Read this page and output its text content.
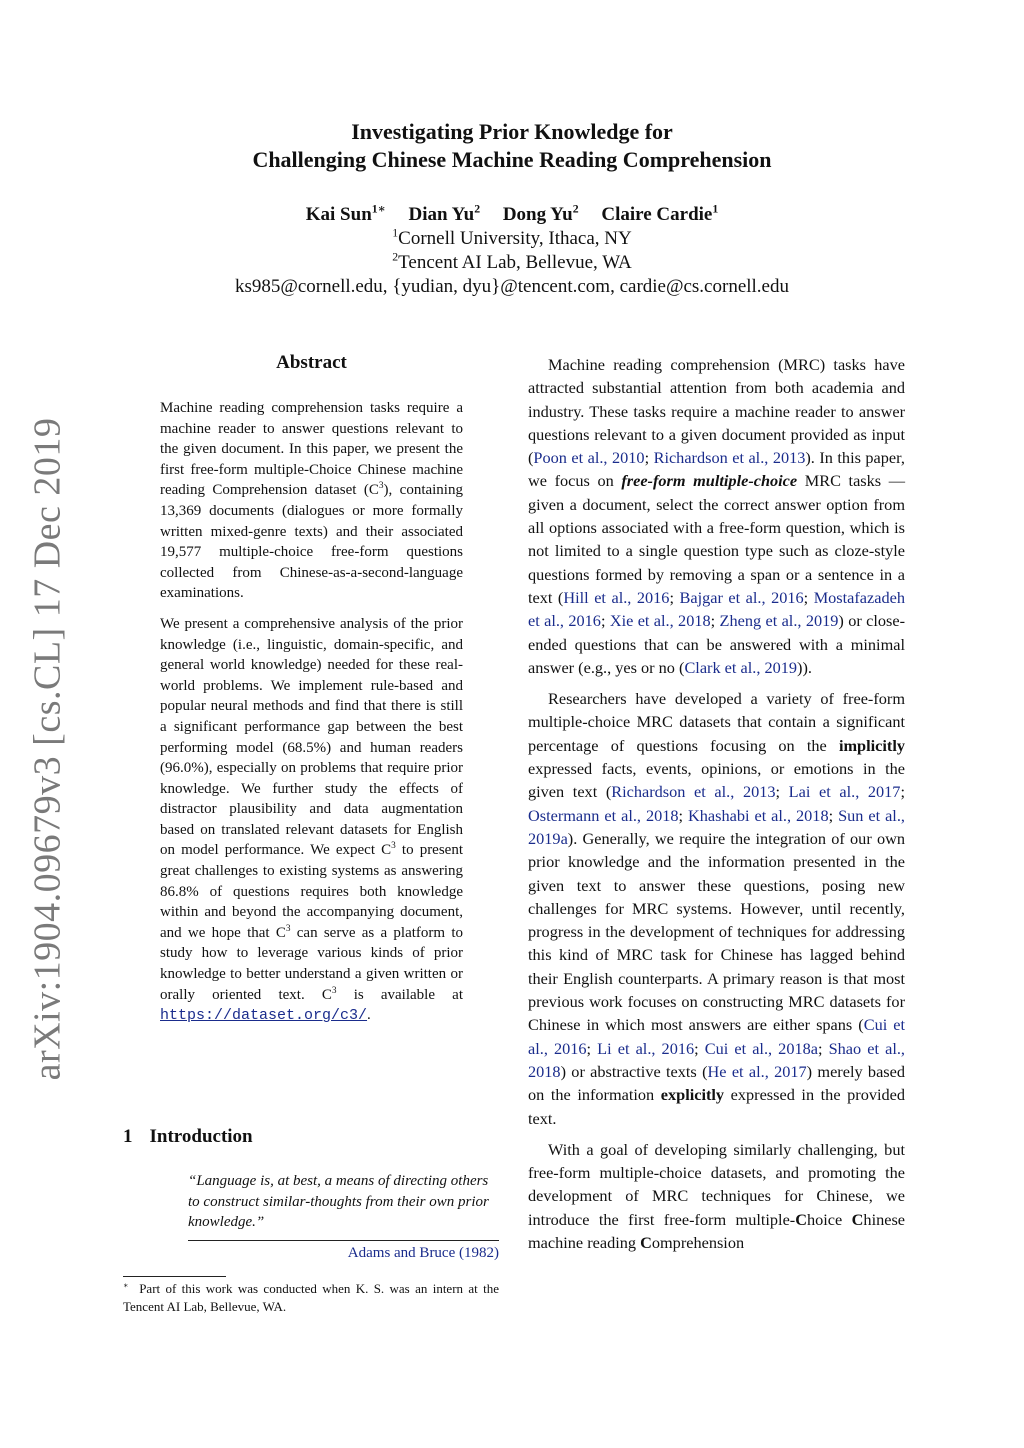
arXiv:1904.09679v3 [cs.CL] 17 Dec 2019
Investigating Prior Knowledge for
Challenging Chinese Machine Reading Comprehension
Kai Sun$^{1∗}$ Dian Yu$^2$ Dong Yu$^2$ Claire Cardie$^1$
$^1$Cornell University, Ithaca, NY
$^2$Tencent AI Lab, Bellevue, WA
ks985@cornell.edu, {yudian, dyu}@tencent.com, cardie@cs.cornell.edu
Abstract

Machine reading comprehension tasks require a machine reader to answer questions relevant to the given document. In this paper, we present the first free-form multiple-Choice Chinese machine reading Comprehension dataset $(C^3)$, containing 13,369 documents (dialogues or more formally written mixed-genre texts) and their associated 19,577 multiple-choice free-form questions collected from Chinese-as-a-second-language examinations.

We present a comprehensive analysis of the prior knowledge (i.e., linguistic, domain-specific, and general world knowledge) needed for these real-world problems. We implement rule-based and popular neural methods and find that there is still a significant performance gap between the best performing model (68.5%) and human readers (96.0%), especially on problems that require prior knowledge. We further study the effects of distractor plausibility and data augmentation based on translated relevant datasets for English on model performance. We expect $C^3$ to present great challenges to existing systems as answering 86.8% of questions requires both knowledge within and beyond the accompanying document, and we hope that $C^3$ can serve as a platform to study how to leverage various kinds of prior knowledge to better understand a given written or orally oriented text. $C^3$ is available at https://dataset.org/c3/.

1 Introduction
“Language is, at best, a means of directing others to construct similar-thoughts from their own prior knowledge.”
Adams and Bruce (1982)
∗ Part of this work was conducted when K. S. was an intern at the Tencent AI Lab, Bellevue, WA.

Machine reading comprehension (MRC) tasks have attracted substantial attention from both academia and industry. These tasks require a machine reader to answer questions relevant to a given document provided as input (Poon et al., 2010; Richardson et al., 2013). In this paper, we focus on free-form multiple-choice MRC tasks — given a document, select the correct answer option from all options associated with a free-form question, which is not limited to a single question type such as cloze-style questions formed by removing a span or a sentence in a text (Hill et al., 2016; Bajgar et al., 2016; Mostafazadeh et al., 2016; Xie et al., 2018; Zheng et al., 2019) or close-ended questions that can be answered with a minimal answer (e.g., yes or no (Clark et al., 2019)).

Researchers have developed a variety of free-form multiple-choice MRC datasets that contain a significant percentage of questions focusing on the implicitly expressed facts, events, opinions, or emotions in the given text (Richardson et al., 2013; Lai et al., 2017; Ostermann et al., 2018; Khashabi et al., 2018; Sun et al., 2019a). Generally, we require the integration of our own prior knowledge and the information presented in the given text to answer these questions, posing new challenges for MRC systems. However, until recently, progress in the development of techniques for addressing this kind of MRC task for Chinese has lagged behind their English counterparts. A primary reason is that most previous work focuses on constructing MRC datasets for Chinese in which most answers are either spans (Cui et al., 2016; Li et al., 2016; Cui et al., 2018a; Shao et al., 2018) or abstractive texts (He et al., 2017) merely based on the information explicitly expressed in the provided text.

With a goal of developing similarly challenging, but free-form multiple-choice datasets, and promoting the development of MRC techniques for Chinese, we introduce the first free-form multiple-Choice Chinese machine reading Comprehension
